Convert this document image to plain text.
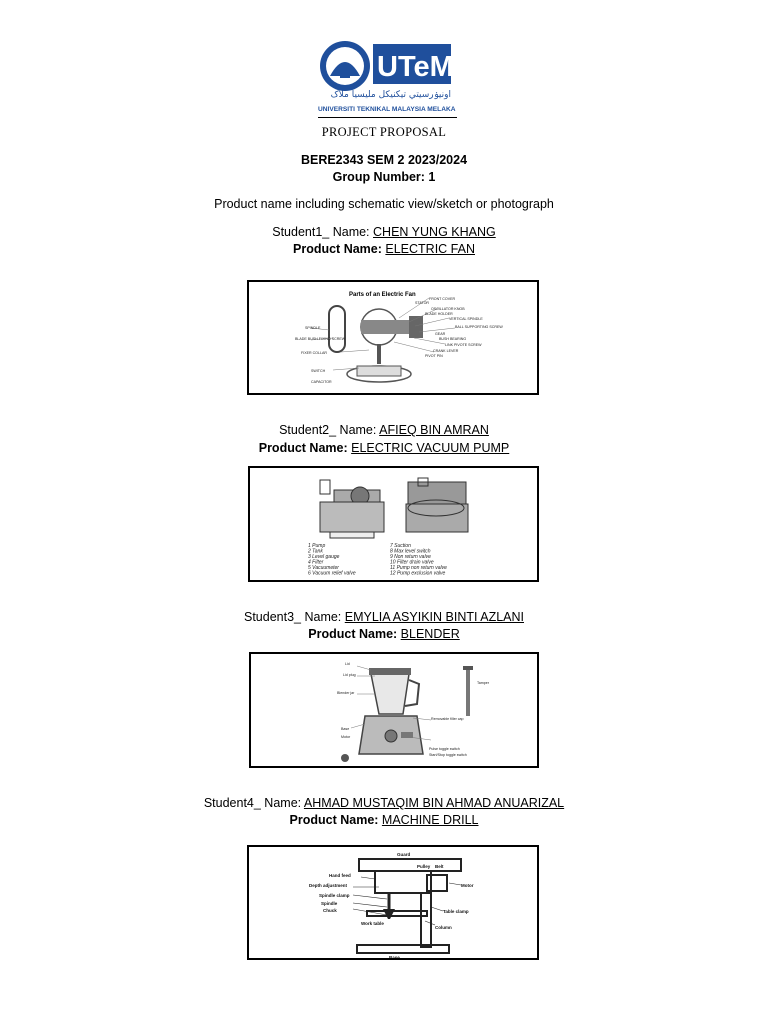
UTeM
اونيۏرسيتي تيكنيكل مليسيا ملاک
UNIVERSITI TEKNIKAL MALAYSIA MELAKA
PROJECT PROPOSAL
BERE2343 SEM 2 2023/2024
Group Number: 1
Product name including schematic view/sketch or photograph
Student1_ Name: CHEN YUNG KHANG
Product Name: ELECTRIC FAN
Parts of an Electric Fan
FRONT COVER
STATOR
OSCILLATOR KNOB
BLADE HOLDER
VERTICAL SPINDLE
BALL SUPPORTING SCREW
GEAR
BUSH BEARING
LINK PIVOTE SCREW
CRANK LEVER
PIVOT PIN
SPINDLE
BLADE BUSH FIXING SCREW
FIXER COLLAR
SWITCH
CAPACITOR
Student2_ Name: AFIEQ BIN AMRAN
Product Name: ELECTRIC VACUUM PUMP
1 Pump
2 Tank
3 Level gauge
4 Filter
5 Vacuumeter
6 Vacuum relief valve
7 Suction
8 Max level switch
9 Non return valve
10 Filter drain valve
11 Pump non return valve
12 Pump exclusion valve
Student3_ Name: EMYLIA ASYIKIN BINTI AZLANI
Product Name: BLENDER
Lid
Lid plug
Blender jar
Base
Motor
Removable filler cap
Tamper
Pulse toggle switch
Start/Stop toggle switch
Student4_ Name: AHMAD MUSTAQIM BIN AHMAD ANUARIZAL
Product Name: MACHINE DRILL
Guard
Pulley Belt
Hand feed
Depth adjustment
Spindle clamp
Spindle
Chuck
Motor
Table clamp
Work table
Column
Base
